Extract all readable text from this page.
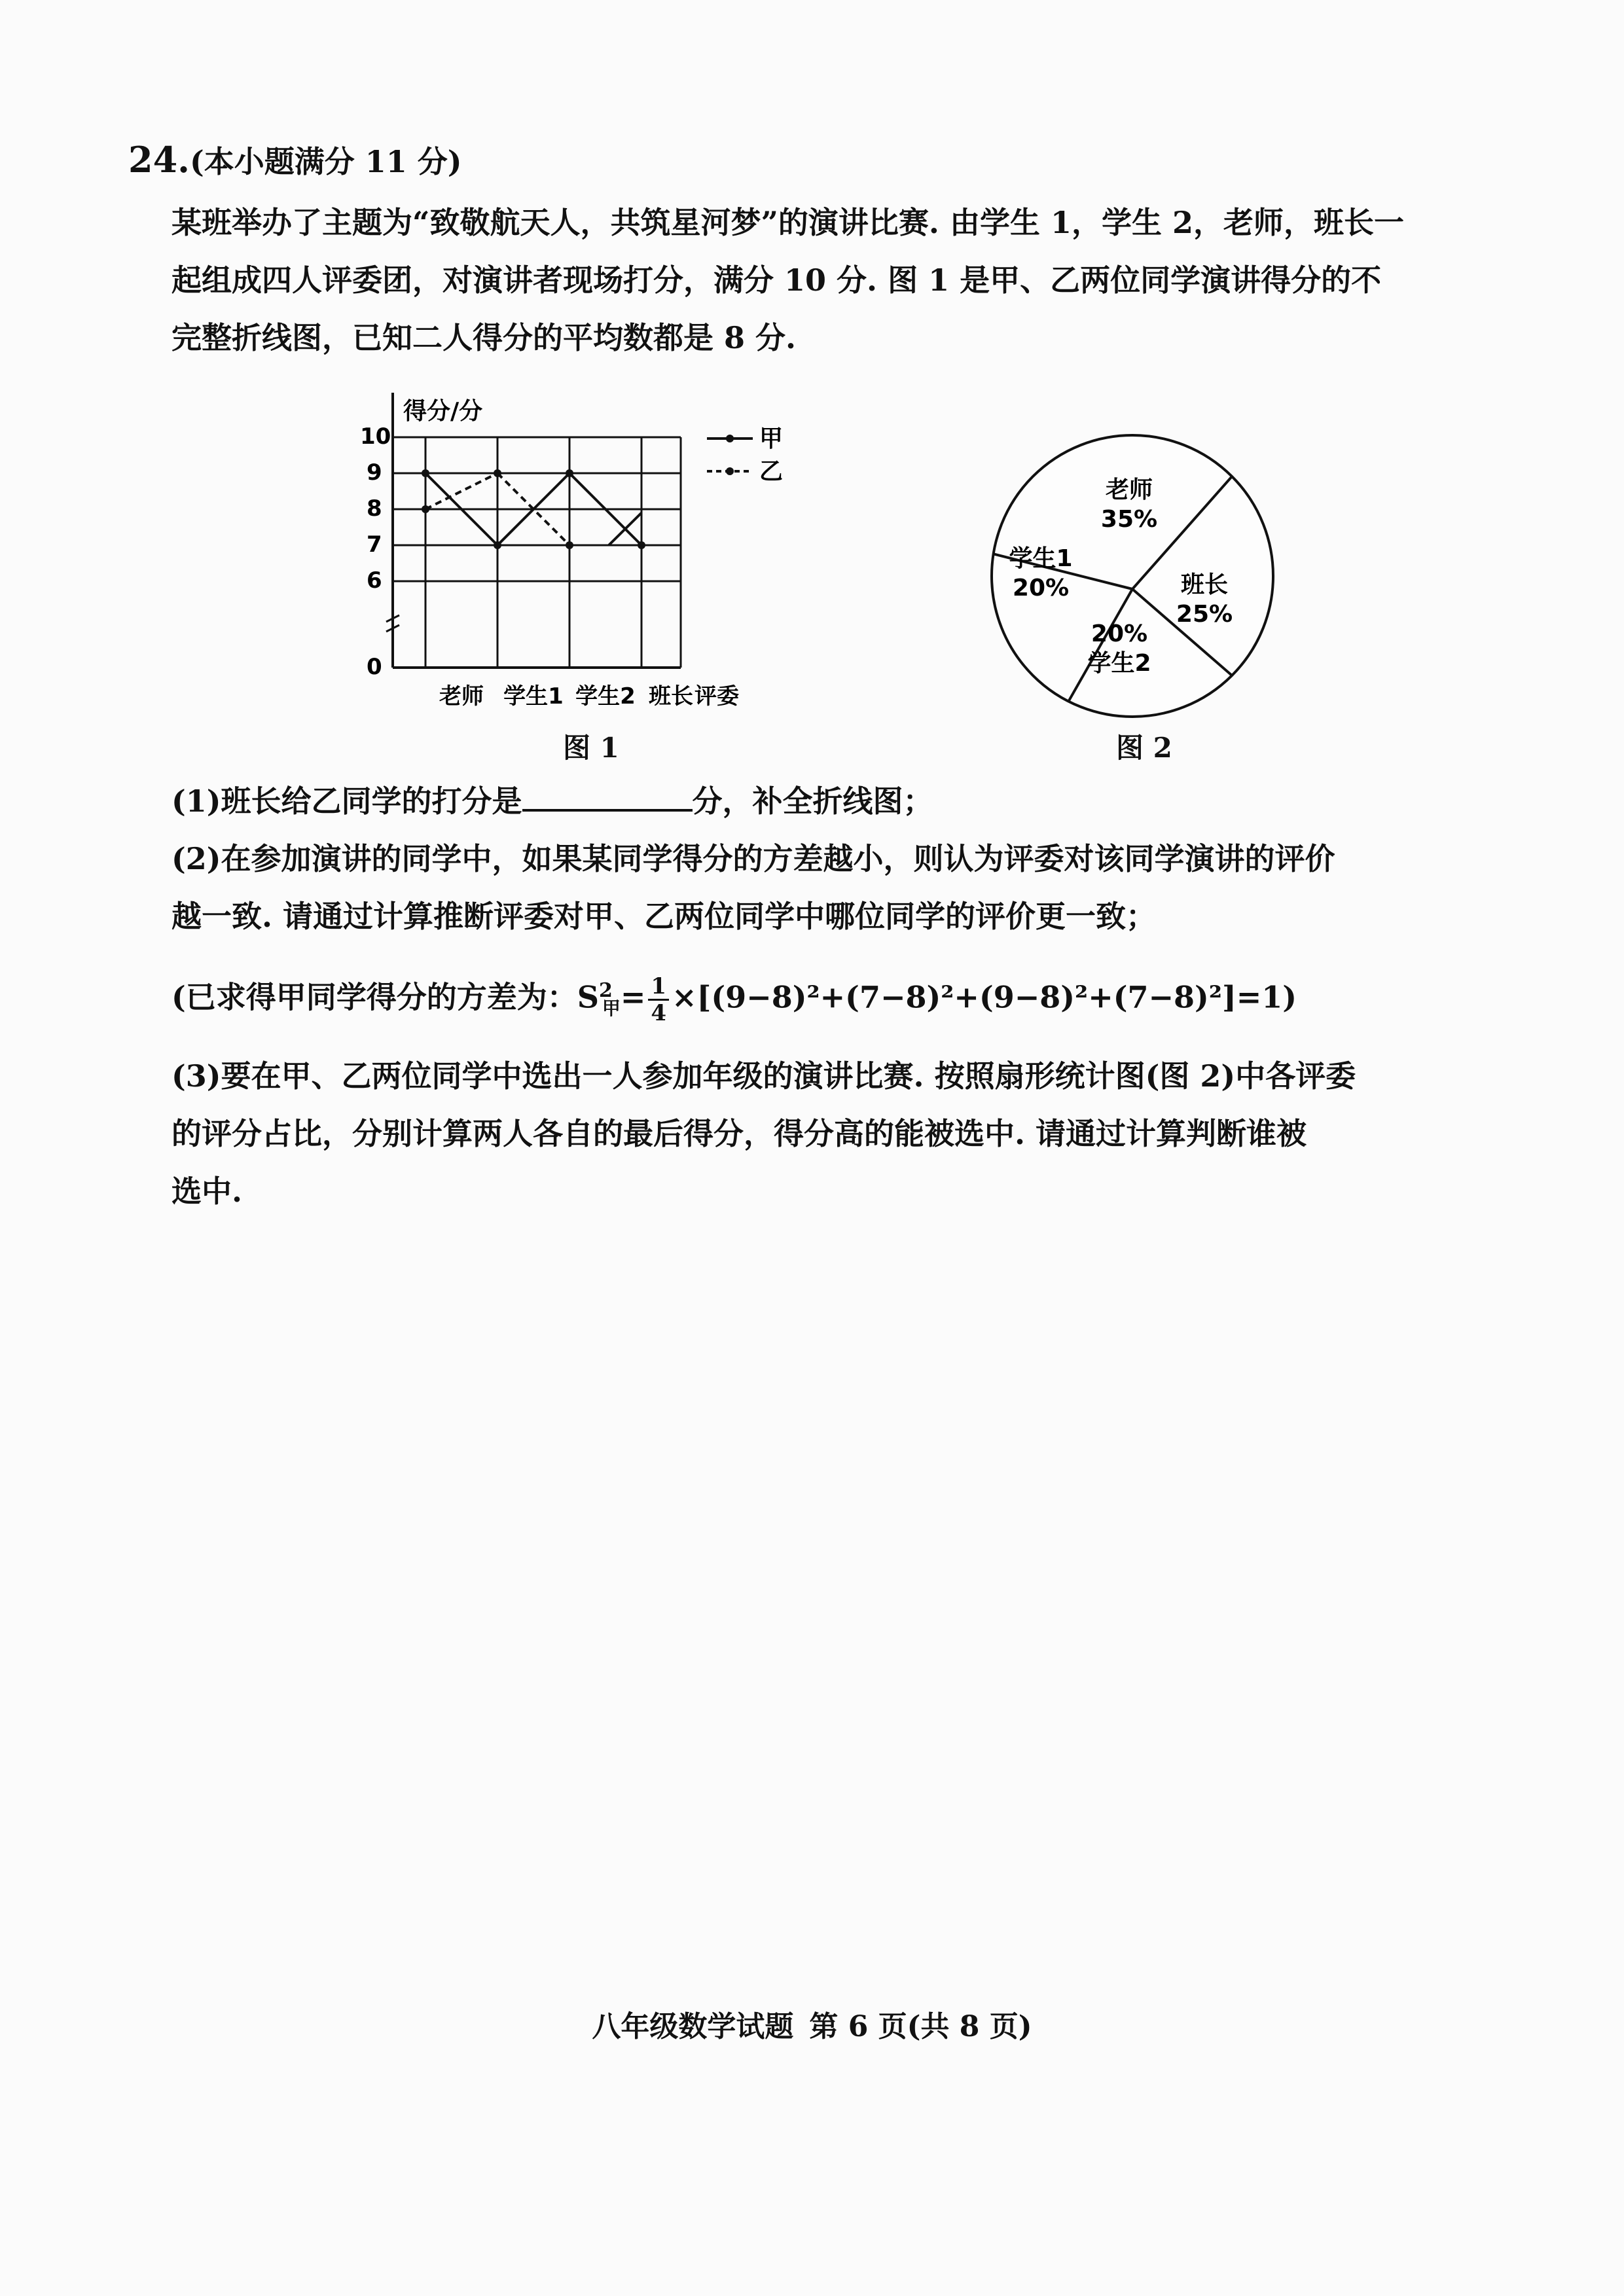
24.(本小题满分 11 分)
某班举办了主题为“致敬航天人，共筑星河梦”的演讲比赛. 由学生 1，学生 2，老师，班长一
起组成四人评委团，对演讲者现场打分，满分 10 分. 图 1 是甲、乙两位同学演讲得分的不
完整折线图，已知二人得分的平均数都是 8 分.
10
9
8
7
6
0
得分/分
老师 学生1 学生2 班长 评委
甲
乙
图 1
老师
35%
班长
25%
20%
学生2
学生1
20%
图 2
(1)班长给乙同学的打分是	分，补全折线图；
(2)在参加演讲的同学中，如果某同学得分的方差越小，则认为评委对该同学演讲的评价
越一致. 请通过计算推断评委对甲、乙两位同学中哪位同学的评价更一致；
(已求得甲同学得分的方差为：$S^2_甲= \frac{1}{4} \times[(9-8)^2+(7-8)^2+(9-8)^2+(7-8)^2]=1$)
(3)要在甲、乙两位同学中选出一人参加年级的演讲比赛. 按照扇形统计图(图 2)中各评委
的评分占比，分别计算两人各自的最后得分，得分高的能被选中. 请通过计算判断谁被
选中.
八年级数学试题 第 6 页(共 8 页)
